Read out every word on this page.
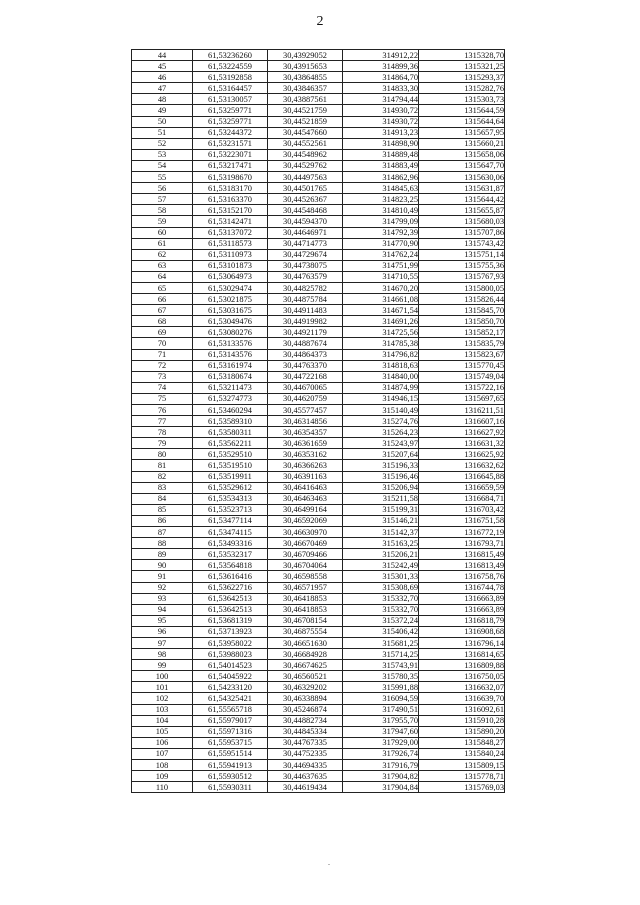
2
44	61,53236260	30,43929052	314912,22	1315328,70
45	61,53224559	30,43915653	314899,36	1315321,25
46	61,53192858	30,43864855	314864,70	1315293,37
47	61,53164457	30,43846357	314833,30	1315282,76
48	61,53130057	30,43887561	314794,44	1315303,73
49	61,53259771	30,44521759	314930,72	1315644,59
50	61,53259771	30,44521859	314930,72	1315644,64
51	61,53244372	30,44547660	314913,23	1315657,95
52	61,53231571	30,44552561	314898,90	1315660,21
53	61,53223071	30,44548962	314889,48	1315658,06
54	61,53217471	30,44529762	314883,49	1315647,70
55	61,53198670	30,44497563	314862,96	1315630,06
56	61,53183170	30,44501765	314845,63	1315631,87
57	61,53163370	30,44526367	314823,25	1315644,42
58	61,53152170	30,44548468	314810,49	1315655,87
59	61,53142471	30,44594370	314799,09	1315680,03
60	61,53137072	30,44646971	314792,39	1315707,86
61	61,53118573	30,44714773	314770,90	1315743,42
62	61,53110973	30,44729674	314762,24	1315751,14
63	61,53101873	30,44738075	314751,99	1315755,36
64	61,53064973	30,44763579	314710,55	1315767,93
65	61,53029474	30,44825782	314670,20	1315800,05
66	61,53021875	30,44875784	314661,08	1315826,44
67	61,53031675	30,44911483	314671,54	1315845,70
68	61,53049476	30,44919982	314691,26	1315850,70
69	61,53080276	30,44921179	314725,56	1315852,17
70	61,53133576	30,44887674	314785,38	1315835,79
71	61,53143576	30,44864373	314796,82	1315823,67
72	61,53161974	30,44763370	314818,63	1315770,45
73	61,53180674	30,44722168	314840,00	1315749,04
74	61,53211473	30,44670065	314874,99	1315722,16
75	61,53274773	30,44620759	314946,15	1315697,65
76	61,53460294	30,45577457	315140,49	1316211,51
77	61,53589310	30,46314856	315274,76	1316607,16
78	61,53580311	30,46354357	315264,23	1316627,92
79	61,53562211	30,46361659	315243,97	1316631,32
80	61,53529510	30,46353162	315207,64	1316625,92
81	61,53519510	30,46366263	315196,33	1316632,62
82	61,53519911	30,46391163	315196,46	1316645,88
83	61,53529612	30,46416463	315206,94	1316659,59
84	61,53534313	30,46463463	315211,58	1316684,71
85	61,53523713	30,46499164	315199,31	1316703,42
86	61,53477114	30,46592069	315146,21	1316751,58
87	61,53474115	30,46630970	315142,37	1316772,19
88	61,53493316	30,46670469	315163,25	1316793,71
89	61,53532317	30,46709466	315206,21	1316815,49
90	61,53564818	30,46704064	315242,49	1316813,49
91	61,53616416	30,46598558	315301,33	1316758,76
92	61,53622716	30,46571957	315308,69	1316744,78
93	61,53642513	30,46418853	315332,70	1316663,89
94	61,53642513	30,46418853	315332,70	1316663,89
95	61,53681319	30,46708154	315372,24	1316818,79
96	61,53713923	30,46875554	315406,42	1316908,68
97	61,53958022	30,46651630	315681,25	1316796,14
98	61,53988023	30,46684928	315714,25	1316814,65
99	61,54014523	30,46674625	315743,91	1316809,88
100	61,54045922	30,46560521	315780,35	1316750,05
101	61,54233120	30,46329202	315991,88	1316632,07
102	61,54325421	30,46338894	316094,59	1316639,70
103	61,55565718	30,45246874	317490,51	1316092,61
104	61,55979017	30,44882734	317955,70	1315910,28
105	61,55971316	30,44845334	317947,60	1315890,20
106	61,55953715	30,44767335	317929,00	1315848,27
107	61,55951514	30,44752335	317926,74	1315840,24
108	61,55941913	30,44694335	317916,79	1315809,15
109	61,55930512	30,44637635	317904,82	1315778,71
110	61,55930311	30,44619434	317904,84	1315769,03
